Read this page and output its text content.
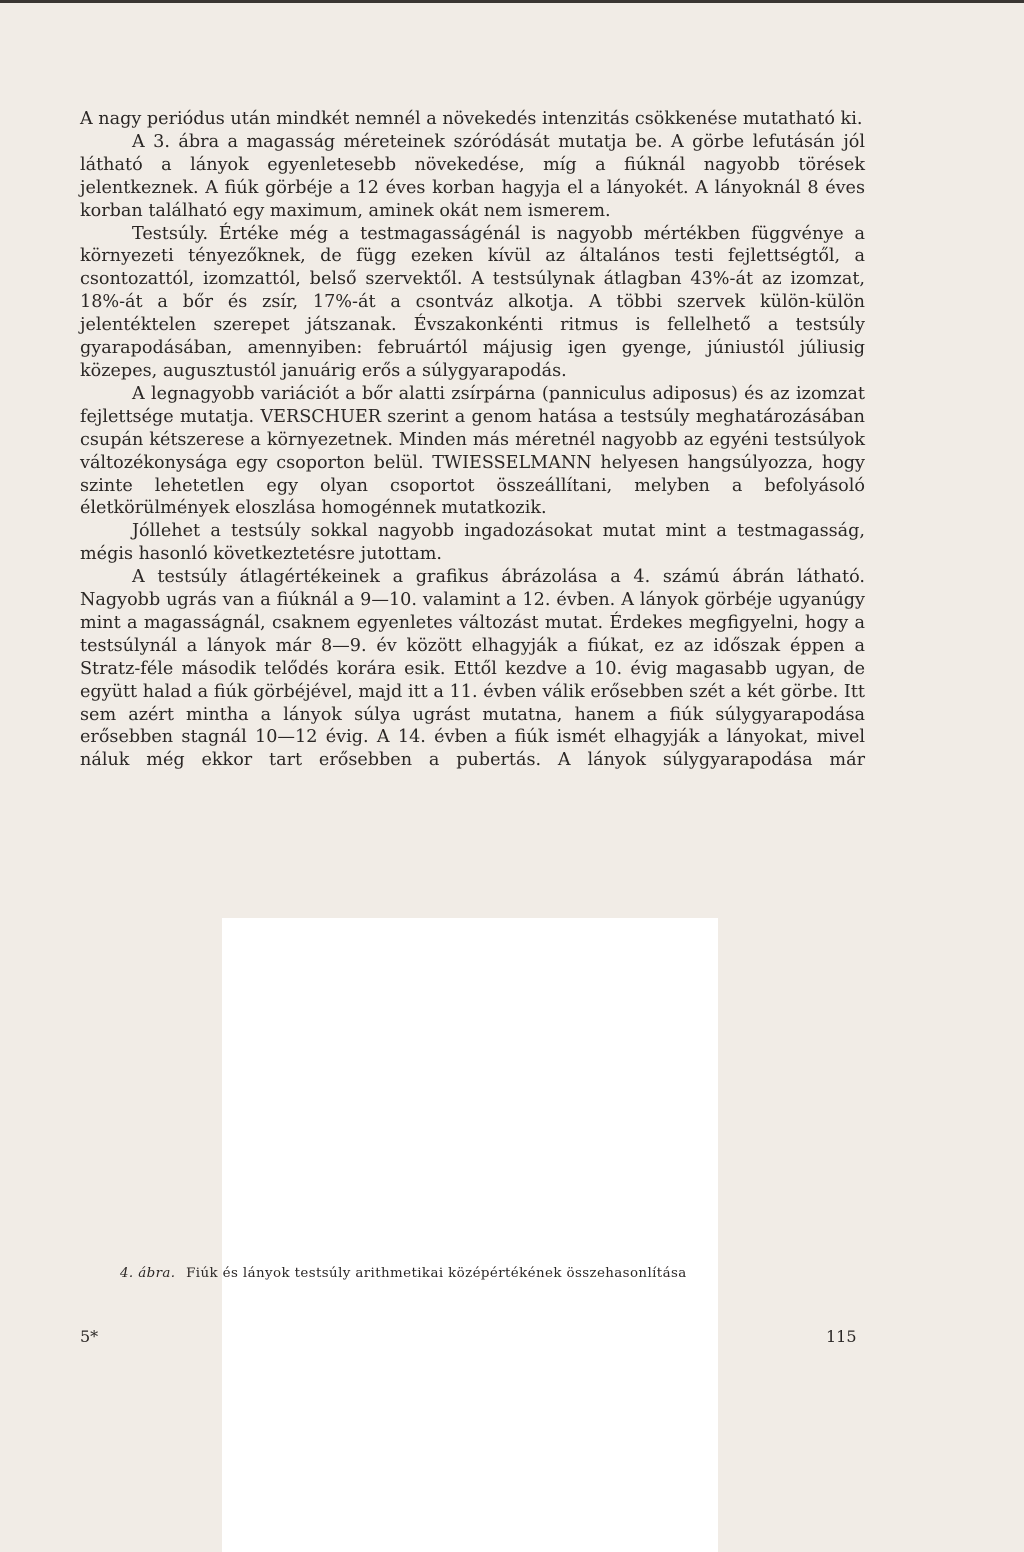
A nagy periódus után mindkét nemnél a növekedés intenzitás csökkenése mutatható ki.

A 3. ábra a magasság méreteinek szóródását mutatja be. A görbe lefutásán jól látható a lányok egyenletesebb növekedése, míg a fiúknál nagyobb törések jelentkeznek. A fiúk görbéje a 12 éves korban hagyja el a lányokét. A lányoknál 8 éves korban található egy maximum, aminek okát nem ismerem.

Testsúly. Értéke még a testmagasságénál is nagyobb mértékben függvénye a környezeti tényezőknek, de függ ezeken kívül az általános testi fejlettségtől, a csontozattól, izomzattól, belső szervektől. A testsúlynak átlagban 43%-át az izomzat, 18%-át a bőr és zsír, 17%-át a csontváz alkotja. A többi szervek külön-külön jelentéktelen szerepet játszanak. Évszakonkénti ritmus is fellelhető a testsúly gyarapodásában, amennyiben: februártól májusig igen gyenge, júniustól júliusig közepes, augusztustól januárig erős a súlygyarapodás.

A legnagyobb variációt a bőr alatti zsírpárna (panniculus adiposus) és az izomzat fejlettsége mutatja. VERSCHUER szerint a genom hatása a testsúly meghatározásában csupán kétszerese a környezetnek. Minden más méretnél nagyobb az egyéni testsúlyok változékonysága egy csoporton belül. TWIESSELMANN helyesen hangsúlyozza, hogy szinte lehetetlen egy olyan csoportot összeállítani, melyben a befolyásoló életkörülmények eloszlása homogénnek mutatkozik.

Jóllehet a testsúly sokkal nagyobb ingadozásokat mutat mint a testmagasság, mégis hasonló következtetésre jutottam.

A testsúly átlagértékeinek a grafikus ábrázolása a 4. számú ábrán látható. Nagyobb ugrás van a fiúknál a 9—10. valamint a 12. évben. A lányok görbéje ugyanúgy mint a magasságnál, csaknem egyenletes változást mutat. Érdekes megfigyelni, hogy a testsúlynál a lányok már 8—9. év között elhagyják a fiúkat, ez az időszak éppen a Stratz-féle második telődés korára esik. Ettől kezdve a 10. évig magasabb ugyan, de együtt halad a fiúk görbéjével, majd itt a 11. évben válik erősebben szét a két görbe. Itt sem azért mintha a lányok súlya ugrást mutatna, hanem a fiúk súlygyarapodása erősebben stagnál 10—12 évig. A 14. évben a fiúk ismét elhagyják a lányokat, mivel náluk még ekkor tart erősebben a pubertás. A lányok súlygyarapodása már

4. ábra. Fiúk és lányok testsúly arithmetikai középértékének összehasonlítása
5*	115
